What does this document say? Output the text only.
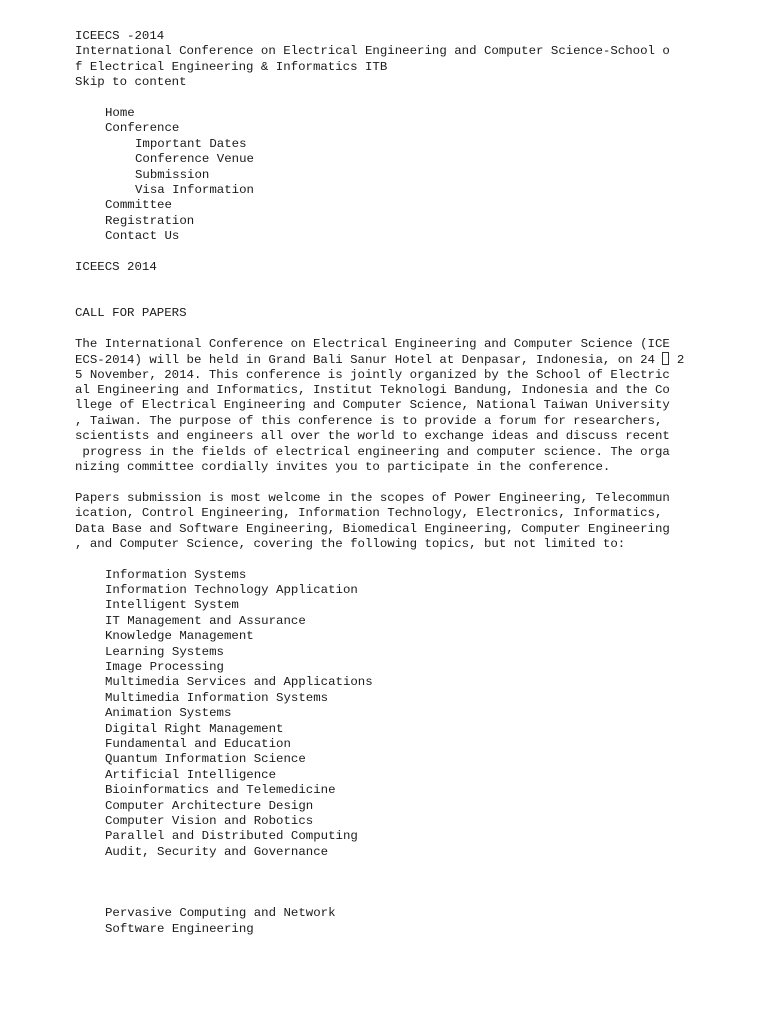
ICEECS -2014
International Conference on Electrical Engineering and Computer Science-School o
f Electrical Engineering & Informatics ITB
Skip to content
Home
Conference
Important Dates
Conference Venue
Submission
Visa Information
Committee
Registration
Contact Us
ICEECS 2014
CALL FOR PAPERS
The International Conference on Electrical Engineering and Computer Science (ICE
ECS-2014) will be held in Grand Bali Sanur Hotel at Denpasar, Indonesia, on 24  2
5 November, 2014. This conference is jointly organized by the School of Electric
al Engineering and Informatics, Institut Teknologi Bandung, Indonesia and the Co
llege of Electrical Engineering and Computer Science, National Taiwan University
, Taiwan. The purpose of this conference is to provide a forum for researchers,
scientists and engineers all over the world to exchange ideas and discuss recent
progress in the fields of electrical engineering and computer science. The orga
nizing committee cordially invites you to participate in the conference.
Papers submission is most welcome in the scopes of Power Engineering, Telecommun
ication, Control Engineering, Information Technology, Electronics, Informatics,
Data Base and Software Engineering, Biomedical Engineering, Computer Engineering
, and Computer Science, covering the following topics, but not limited to:
Information Systems
Information Technology Application
Intelligent System
IT Management and Assurance
Knowledge Management
Learning Systems
Image Processing
Multimedia Services and Applications
Multimedia Information Systems
Animation Systems
Digital Right Management
Fundamental and Education
Quantum Information Science
Artificial Intelligence
Bioinformatics and Telemedicine
Computer Architecture Design
Computer Vision and Robotics
Parallel and Distributed Computing
Audit, Security and Governance
Pervasive Computing and Network
Software Engineering
